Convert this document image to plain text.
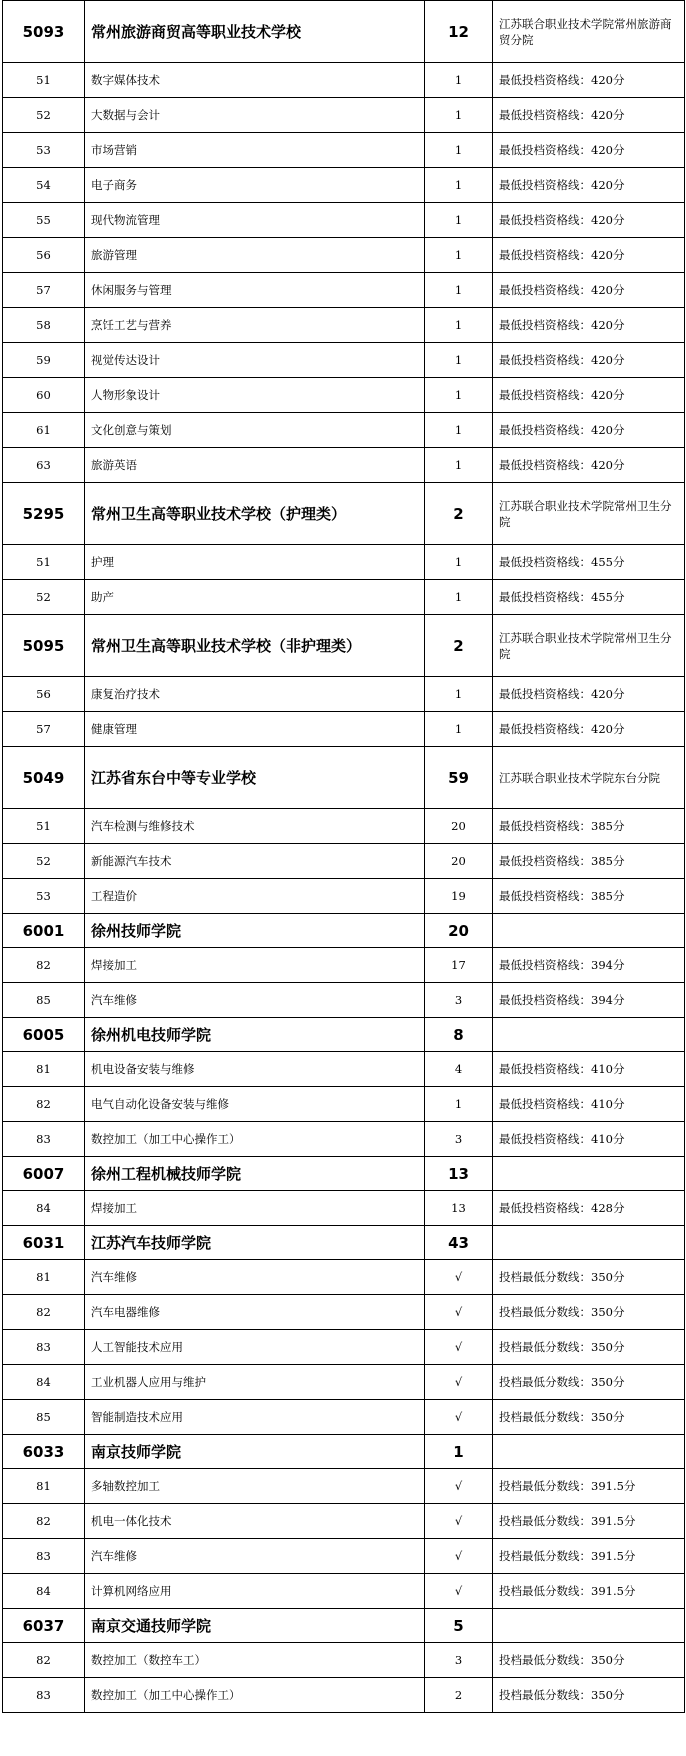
5093	常州旅游商贸高等职业技术学校	12	江苏联合职业技术学院常州旅游商贸分院
51	数字媒体技术	1	最低投档资格线：420分
52	大数据与会计	1	最低投档资格线：420分
53	市场营销	1	最低投档资格线：420分
54	电子商务	1	最低投档资格线：420分
55	现代物流管理	1	最低投档资格线：420分
56	旅游管理	1	最低投档资格线：420分
57	休闲服务与管理	1	最低投档资格线：420分
58	烹饪工艺与营养	1	最低投档资格线：420分
59	视觉传达设计	1	最低投档资格线：420分
60	人物形象设计	1	最低投档资格线：420分
61	文化创意与策划	1	最低投档资格线：420分
63	旅游英语	1	最低投档资格线：420分
5295	常州卫生高等职业技术学校（护理类）	2	江苏联合职业技术学院常州卫生分院
51	护理	1	最低投档资格线：455分
52	助产	1	最低投档资格线：455分
5095	常州卫生高等职业技术学校（非护理类）	2	江苏联合职业技术学院常州卫生分院
56	康复治疗技术	1	最低投档资格线：420分
57	健康管理	1	最低投档资格线：420分
5049	江苏省东台中等专业学校	59	江苏联合职业技术学院东台分院
51	汽车检测与维修技术	20	最低投档资格线：385分
52	新能源汽车技术	20	最低投档资格线：385分
53	工程造价	19	最低投档资格线：385分
6001	徐州技师学院	20	
82	焊接加工	17	最低投档资格线：394分
85	汽车维修	3	最低投档资格线：394分
6005	徐州机电技师学院	8	
81	机电设备安装与维修	4	最低投档资格线：410分
82	电气自动化设备安装与维修	1	最低投档资格线：410分
83	数控加工（加工中心操作工）	3	最低投档资格线：410分
6007	徐州工程机械技师学院	13	
84	焊接加工	13	最低投档资格线：428分
6031	江苏汽车技师学院	43	
81	汽车维修	√	投档最低分数线：350分
82	汽车电器维修	√	投档最低分数线：350分
83	人工智能技术应用	√	投档最低分数线：350分
84	工业机器人应用与维护	√	投档最低分数线：350分
85	智能制造技术应用	√	投档最低分数线：350分
6033	南京技师学院	1	
81	多轴数控加工	√	投档最低分数线：391.5分
82	机电一体化技术	√	投档最低分数线：391.5分
83	汽车维修	√	投档最低分数线：391.5分
84	计算机网络应用	√	投档最低分数线：391.5分
6037	南京交通技师学院	5	
82	数控加工（数控车工）	3	投档最低分数线：350分
83	数控加工（加工中心操作工）	2	投档最低分数线：350分
